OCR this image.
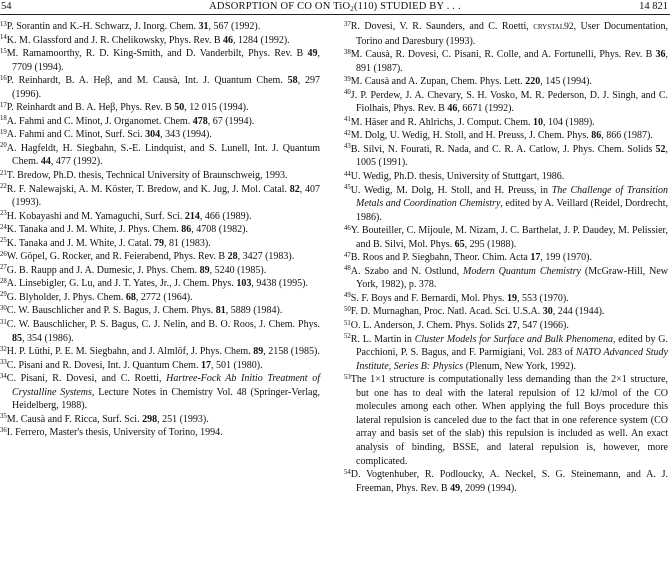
54	ADSORPTION OF CO ON TiO$_2$(110) STUDIED BY . . .	14 821
13P. Sorantin and K.-H. Schwarz, J. Inorg. Chem. 31, 567 (1992).
14K. M. Glassford and J. R. Chelikowsky, Phys. Rev. B 46, 1284 (1992).
15M. Ramamoorthy, R. D. King-Smith, and D. Vanderbilt, Phys. Rev. B 49, 7709 (1994).
16P. Reinhardt, B. A. Heβ, and M. Causà, Int. J. Quantum Chem. 58, 297 (1996).
17P. Reinhardt and B. A. Heβ, Phys. Rev. B 50, 12 015 (1994).
18A. Fahmi and C. Minot, J. Organomet. Chem. 478, 67 (1994).
19A. Fahmi and C. Minot, Surf. Sci. 304, 343 (1994).
20A. Hagfeldt, H. Siegbahn, S.-E. Lindquist, and S. Lunell, Int. J. Quantum Chem. 44, 477 (1992).
21T. Bredow, Ph.D. thesis, Technical University of Braunschweig, 1993.
22R. F. Nalewajski, A. M. Köster, T. Bredow, and K. Jug, J. Mol. Catal. 82, 407 (1993).
23H. Kobayashi and M. Yamaguchi, Surf. Sci. 214, 466 (1989).
24K. Tanaka and J. M. White, J. Phys. Chem. 86, 4708 (1982).
25K. Tanaka and J. M. White, J. Catal. 79, 81 (1983).
26W. Göpel, G. Rocker, and R. Feierabend, Phys. Rev. B 28, 3427 (1983).
27G. B. Raupp and J. A. Dumesic, J. Phys. Chem. 89, 5240 (1985).
28A. Linsebigler, G. Lu, and J. T. Yates, Jr., J. Chem. Phys. 103, 9438 (1995).
29G. Blyholder, J. Phys. Chem. 68, 2772 (1964).
30C. W. Bauschlicher and P. S. Bagus, J. Chem. Phys. 81, 5889 (1984).
31C. W. Bauschlicher, P. S. Bagus, C. J. Nelin, and B. O. Roos, J. Chem. Phys. 85, 354 (1986).
32H. P. Lüthi, P. E. M. Siegbahn, and J. Almlöf, J. Phys. Chem. 89, 2158 (1985).
33C. Pisani and R. Dovesi, Int. J. Quantum Chem. 17, 501 (1980).
34C. Pisani, R. Dovesi, and C. Roetti, Hartree-Fock Ab Initio Treatment of Crystalline Systems, Lecture Notes in Chemistry Vol. 48 (Springer-Verlag, Heidelberg, 1988).
35M. Causà and F. Ricca, Surf. Sci. 298, 251 (1993).
36I. Ferrero, Master's thesis, University of Torino, 1994.
37R. Dovesi, V. R. Saunders, and C. Roetti, crystal92, User Documentation, Torino and Daresbury (1993).
38M. Causà, R. Dovesi, C. Pisani, R. Colle, and A. Fortunelli, Phys. Rev. B 36, 891 (1987).
39M. Causà and A. Zupan, Chem. Phys. Lett. 220, 145 (1994).
40J. P. Perdew, J. A. Chevary, S. H. Vosko, M. R. Pederson, D. J. Singh, and C. Fiolhais, Phys. Rev. B 46, 6671 (1992).
41M. Häser and R. Ahlrichs, J. Comput. Chem. 10, 104 (1989).
42M. Dolg, U. Wedig, H. Stoll, and H. Preuss, J. Chem. Phys. 86, 866 (1987).
43B. Silvi, N. Fourati, R. Nada, and C. R. A. Catlow, J. Phys. Chem. Solids 52, 1005 (1991).
44U. Wedig, Ph.D. thesis, University of Stuttgart, 1986.
45U. Wedig, M. Dolg, H. Stoll, and H. Preuss, in The Challenge of Transition Metals and Coordination Chemistry, edited by A. Veillard (Reidel, Dordrecht, 1986).
46Y. Bouteiller, C. Mijoule, M. Nizam, J. C. Barthelat, J. P. Daudey, M. Pelissier, and B. Silvi, Mol. Phys. 65, 295 (1988).
47B. Roos and P. Siegbahn, Theor. Chim. Acta 17, 199 (1970).
48A. Szabo and N. Ostlund, Modern Quantum Chemistry (McGraw-Hill, New York, 1982), p. 378.
49S. F. Boys and F. Bernardi, Mol. Phys. 19, 553 (1970).
50F. D. Murnaghan, Proc. Natl. Acad. Sci. U.S.A. 30, 244 (1944).
51O. L. Anderson, J. Chem. Phys. Solids 27, 547 (1966).
52R. L. Martin in Cluster Models for Surface and Bulk Phenomena, edited by G. Pacchioni, P. S. Bagus, and F. Parmigiani, Vol. 283 of NATO Advanced Study Institute, Series B: Physics (Plenum, New York, 1992).
53The 1×1 structure is computationally less demanding than the 2×1 structure, but one has to deal with the lateral repulsion of 12 kJ/mol of the CO molecules among each other. When applying the full Boys procedure this lateral repulsion is canceled due to the fact that in one reference system (CO array and basis set of the slab) this repulsion is included as well. An exact analysis of binding, BSSE, and lateral repulsion is, however, more complicated.
54D. Vogtenhuber, R. Podloucky, A. Neckel, S. G. Steinemann, and A. J. Freeman, Phys. Rev. B 49, 2099 (1994).
